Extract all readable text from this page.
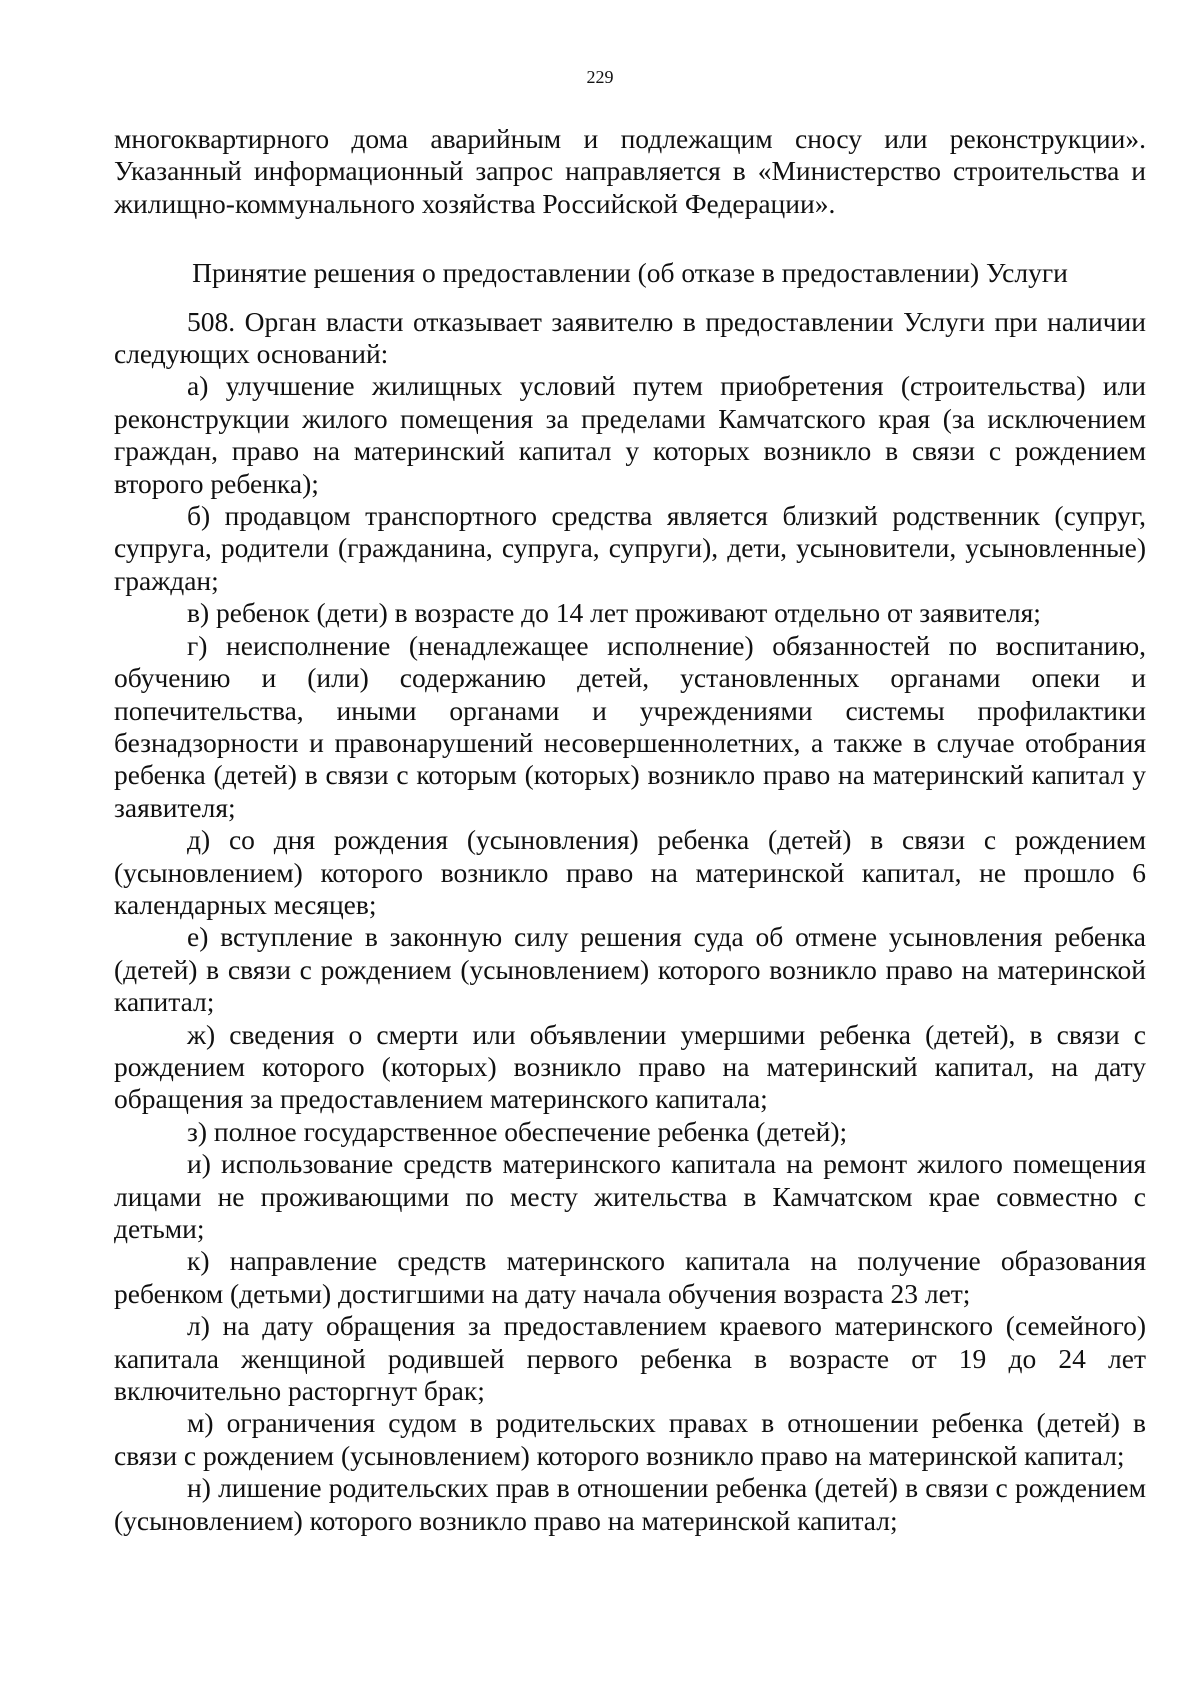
229

многоквартирного дома аварийным и подлежащим сносу или реконструкции». Указанный информационный запрос направляется в «Министерство строительства и жилищно-коммунального хозяйства Российской Федерации».

Принятие решения о предоставлении (об отказе в предоставлении) Услуги

508. Орган власти отказывает заявителю в предоставлении Услуги при наличии следующих оснований:

а) улучшение жилищных условий путем приобретения (строительства) или реконструкции жилого помещения за пределами Камчатского края (за исключением граждан, право на материнский капитал у которых возникло в связи с рождением второго ребенка);

б) продавцом транспортного средства является близкий родственник (супруг, супруга, родители (гражданина, супруга, супруги), дети, усыновители, усыновленные) граждан;

в) ребенок (дети) в возрасте до 14 лет проживают отдельно от заявителя;

г) неисполнение (ненадлежащее исполнение) обязанностей по воспитанию, обучению и (или) содержанию детей, установленных органами опеки и попечительства, иными органами и учреждениями системы профилактики безнадзорности и правонарушений несовершеннолетних, а также в случае отобрания ребенка (детей) в связи с которым (которых) возникло право на материнский капитал у заявителя;

д) со дня рождения (усыновления) ребенка (детей) в связи с рождением (усыновлением) которого возникло право на материнской капитал, не прошло 6 календарных месяцев;

е) вступление в законную силу решения суда об отмене усыновления ребенка (детей) в связи с рождением (усыновлением) которого возникло право на материнской капитал;

ж) сведения о смерти или объявлении умершими ребенка (детей), в связи с рождением которого (которых) возникло право на материнский капитал, на дату обращения за предоставлением материнского капитала;

з) полное государственное обеспечение ребенка (детей);

и) использование средств материнского капитала на ремонт жилого помещения лицами не проживающими по месту жительства в Камчатском крае совместно с детьми;

к) направление средств материнского капитала на получение образования ребенком (детьми) достигшими на дату начала обучения возраста 23 лет;

л) на дату обращения за предоставлением краевого материнского (семейного) капитала женщиной родившей первого ребенка в возрасте от 19 до 24 лет включительно расторгнут брак;

м) ограничения судом в родительских правах в отношении ребенка (детей) в связи с рождением (усыновлением) которого возникло право на материнской капитал;

н) лишение родительских прав в отношении ребенка (детей) в связи с рождением (усыновлением) которого возникло право на материнской капитал;
